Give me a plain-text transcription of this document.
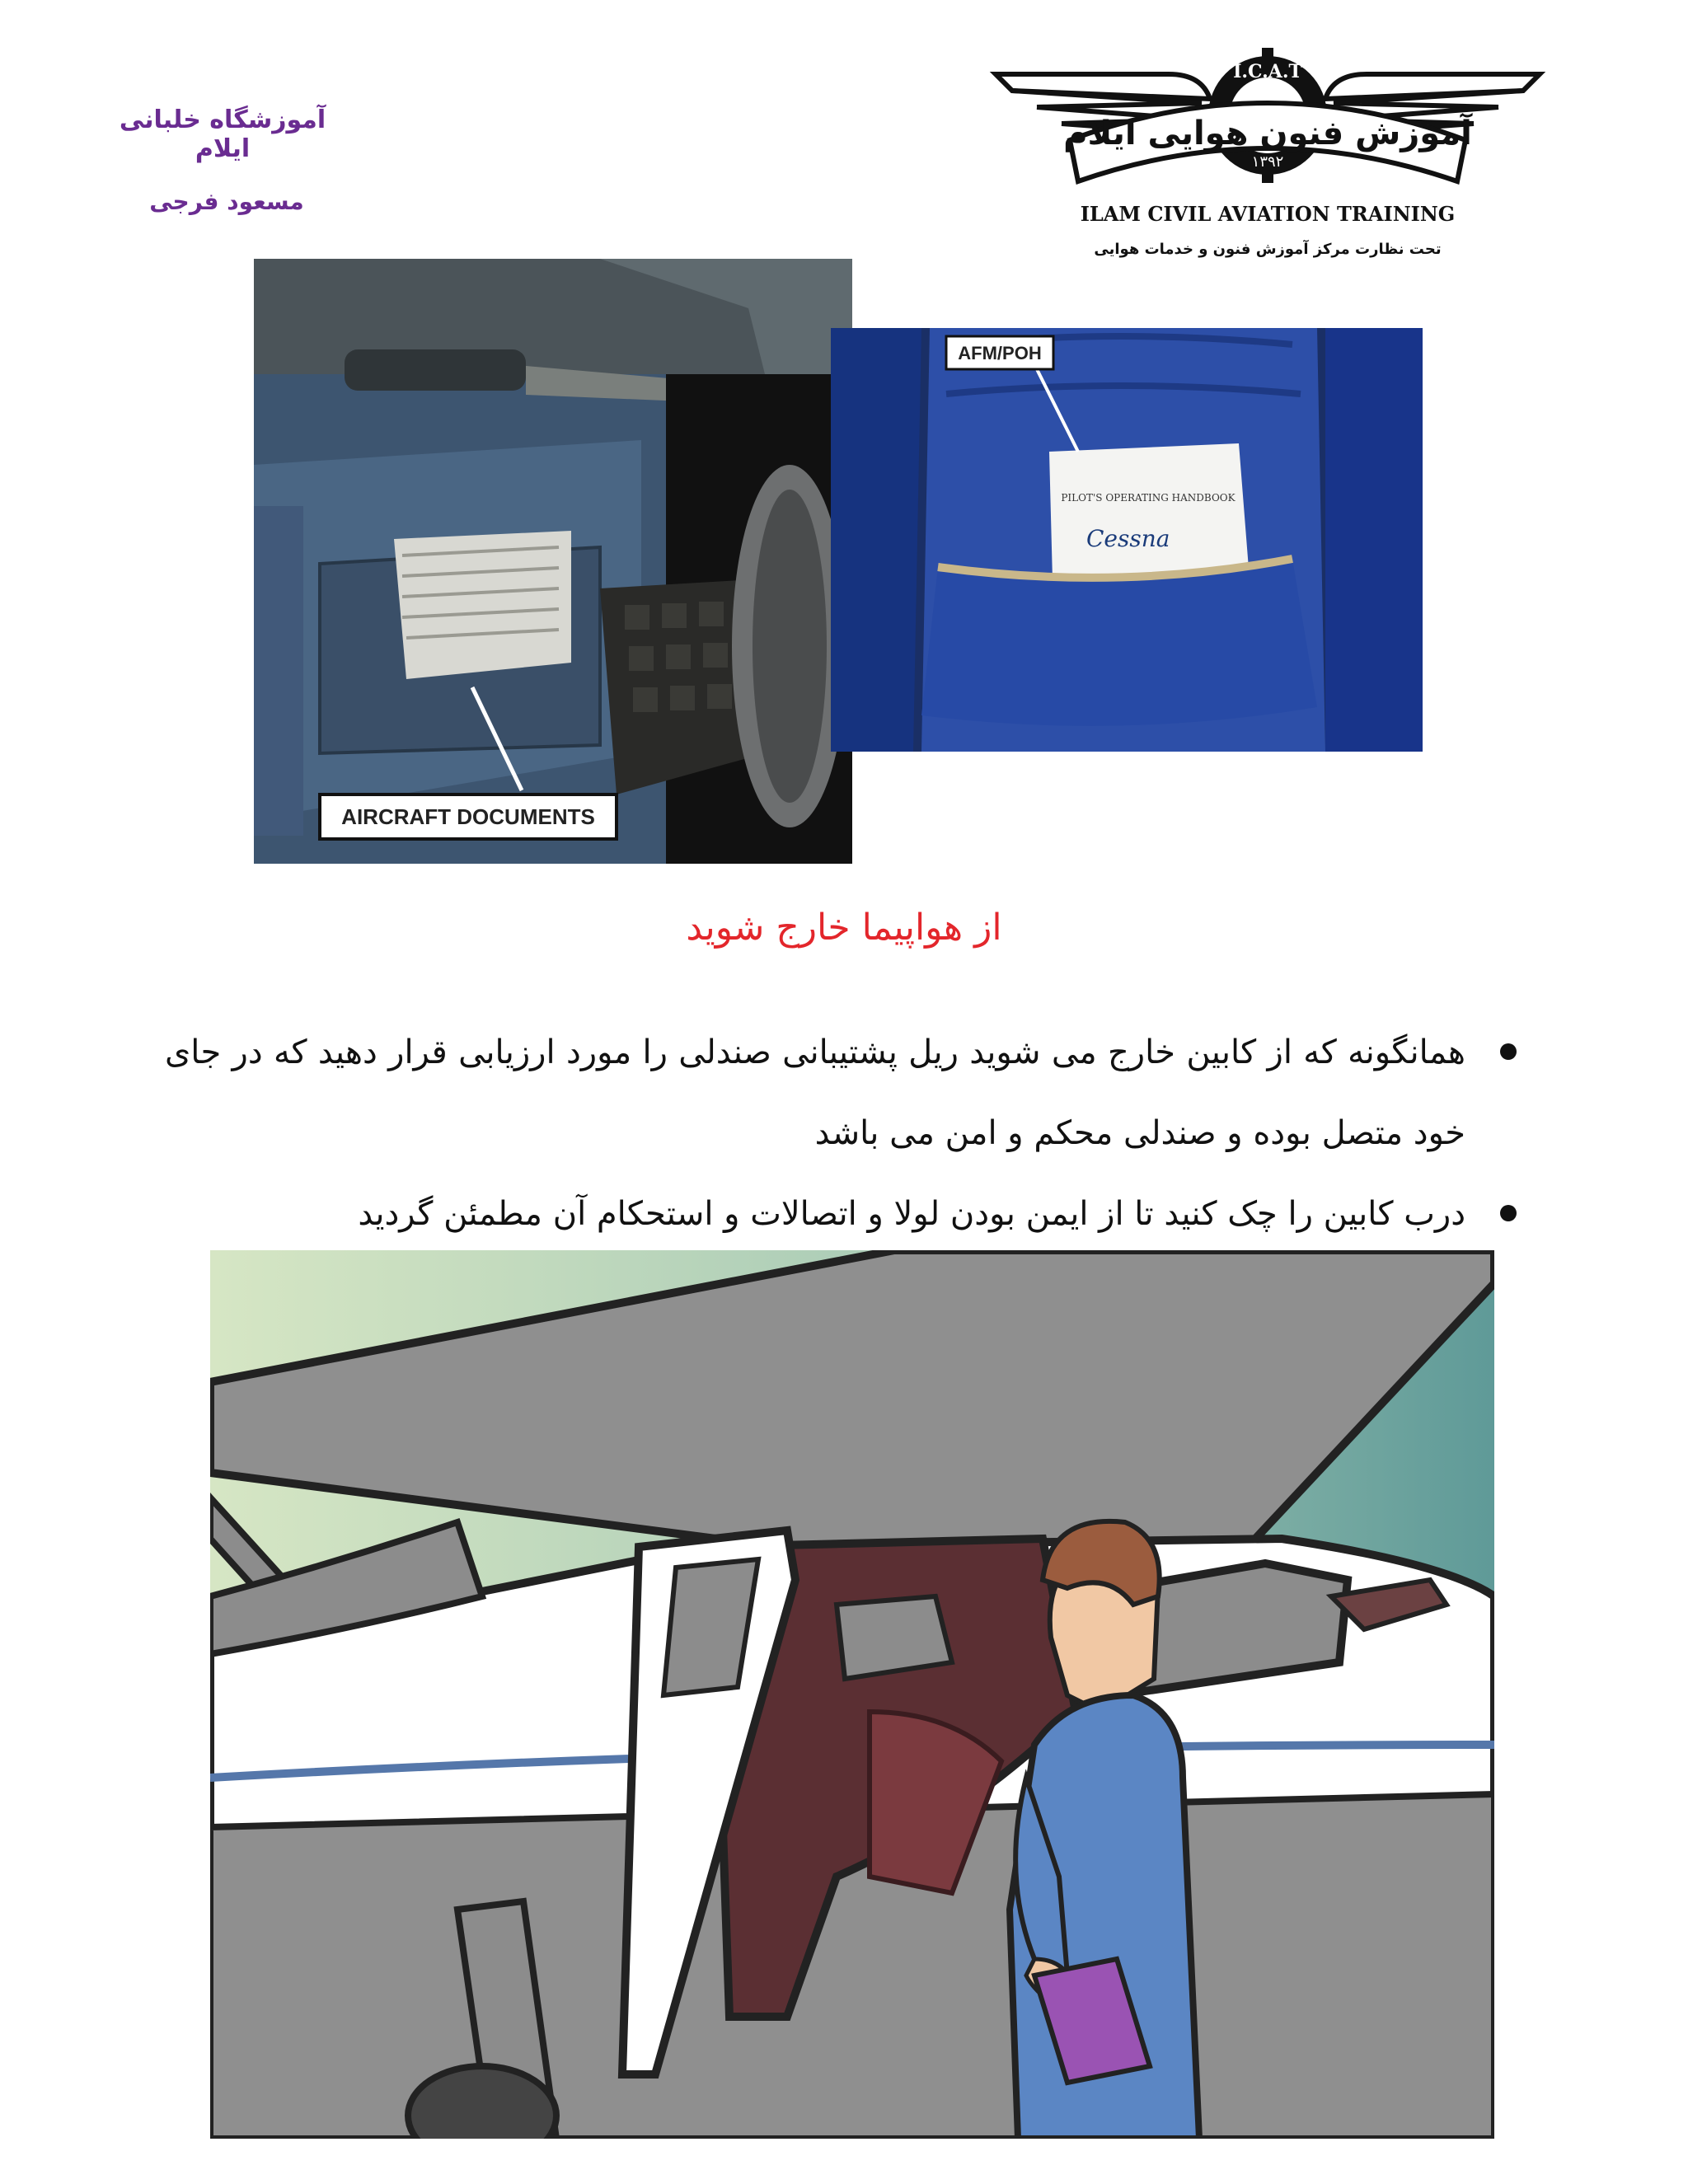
آموزشگاه خلبانی ایلام
مسعود فرجی
I.C.A.T
۱۳۹۲
آموزش فنون هوایی ایلام
ILAM CIVIL AVIATION TRAINING
تحت نظارت مرکز آموزش فنون و خدمات هوایی
AIRCRAFT DOCUMENTS
PILOT'S OPERATING HANDBOOK
Cessna
AFM/POH
از هواپیما خارج شوید
همانگونه که از کابین خارج می شوید ریل پشتیبانی صندلی را مورد ارزیابی قرار دهید که در جای خود متصل بوده و صندلی محکم و امن می باشد
درب کابین را چک کنید تا از ایمن بودن لولا و اتصالات و استحکام آن مطمئن گردید
